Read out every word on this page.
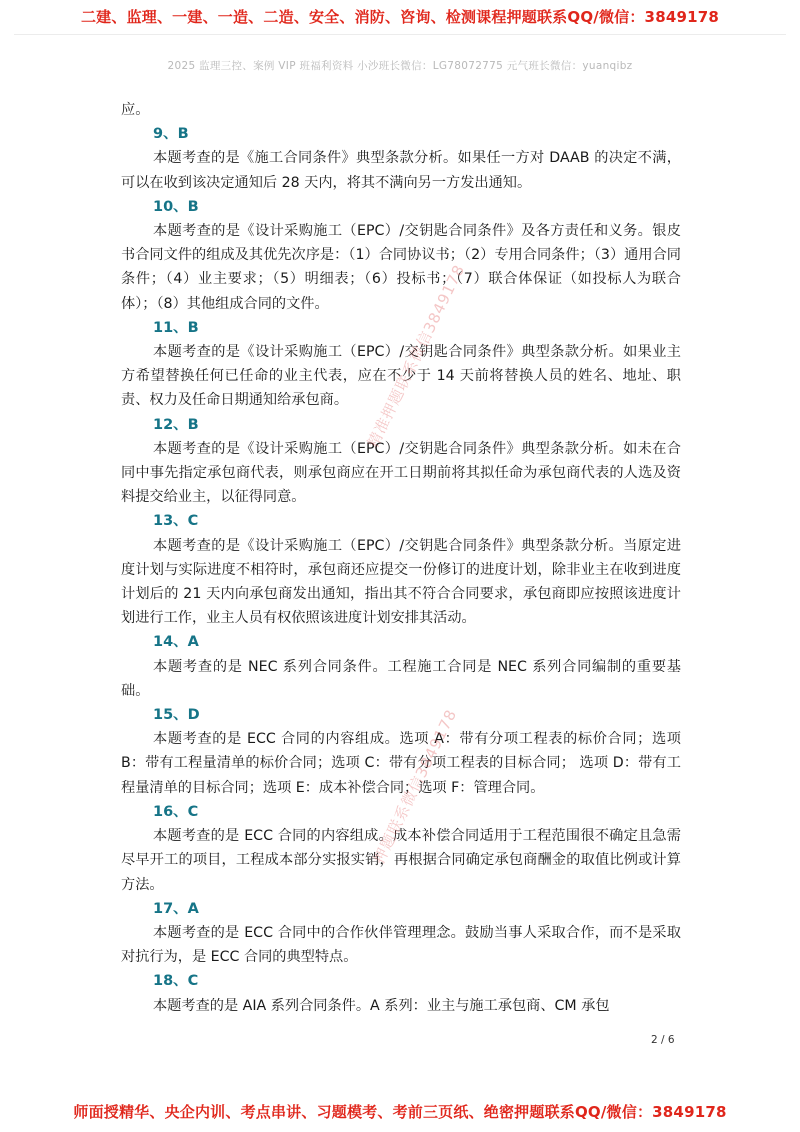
二建、监理、一建、一造、二造、安全、消防、咨询、检测课程押题联系QQ/微信：3849178
2025 监理三控、案例 VIP 班福利资料 小沙班长微信：LG78072775 元气班长微信：yuanqibz

应。

9、B

本题考查的是《施工合同条件》典型条款分析。如果任一方对 DAAB 的决定不满，可以在收到该决定通知后 28 天内，将其不满向另一方发出通知。

10、B

本题考查的是《设计采购施工（EPC）/交钥匙合同条件》及各方责任和义务。银皮书合同文件的组成及其优先次序是：（1）合同协议书；（2）专用合同条件；（3）通用合同条件；（4）业主要求；（5）明细表；（6）投标书；（7）联合体保证（如投标人为联合体）；（8）其他组成合同的文件。

11、B

本题考查的是《设计采购施工（EPC）/交钥匙合同条件》典型条款分析。如果业主方希望替换任何已任命的业主代表，应在不少于 14 天前将替换人员的姓名、地址、职责、权力及任命日期通知给承包商。

12、B

本题考查的是《设计采购施工（EPC）/交钥匙合同条件》典型条款分析。如未在合同中事先指定承包商代表，则承包商应在开工日期前将其拟任命为承包商代表的人选及资料提交给业主，以征得同意。

13、C

本题考查的是《设计采购施工（EPC）/交钥匙合同条件》典型条款分析。当原定进度计划与实际进度不相符时，承包商还应提交一份修订的进度计划，除非业主在收到进度计划后的 21 天内向承包商发出通知，指出其不符合合同要求，承包商即应按照该进度计划进行工作，业主人员有权依照该进度计划安排其活动。

14、A

本题考查的是 NEC 系列合同条件。工程施工合同是 NEC 系列合同编制的重要基础。

15、D

本题考查的是 ECC 合同的内容组成。选项 A：带有分项工程表的标价合同；选项 B：带有工程量清单的标价合同；选项 C：带有分项工程表的目标合同； 选项 D：带有工程量清单的目标合同；选项 E：成本补偿合同；选项 F：管理合同。

16、C

本题考查的是 ECC 合同的内容组成。成本补偿合同适用于工程范围很不确定且急需尽早开工的项目，工程成本部分实报实销，再根据合同确定承包商酬金的取值比例或计算方法。

17、A

本题考查的是 ECC 合同中的合作伙伴管理理念。鼓励当事人采取合作，而不是采取对抗行为，是 ECC 合同的典型特点。

18、C

本题考查的是 AIA 系列合同条件。A 系列：业主与施工承包商、CM 承包

精准押题联系微信3849178
押题联系微信3849178
2 / 6
师面授精华、央企内训、考点串讲、习题模考、考前三页纸、绝密押题联系QQ/微信：3849178
